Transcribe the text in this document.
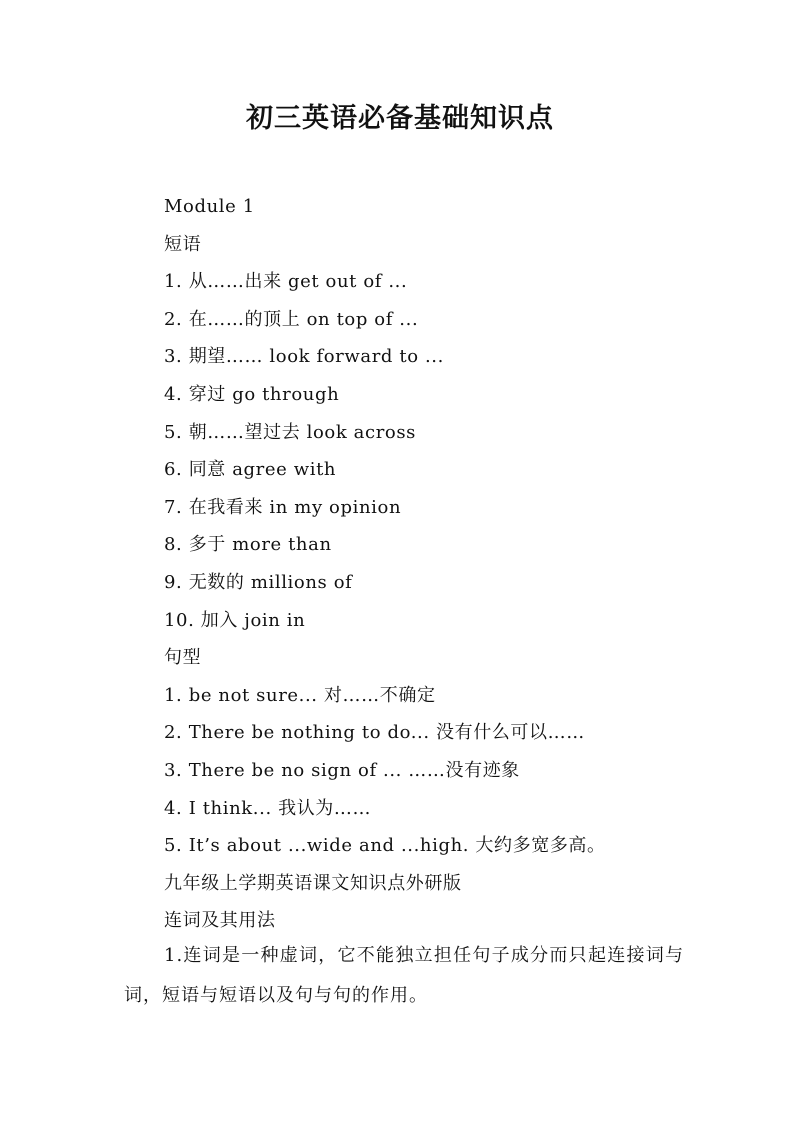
初三英语必备基础知识点
Module 1
短语
1. 从……出来 get out of ...
2. 在……的顶上 on top of ...
3. 期望…… look forward to ...
4. 穿过 go through
5. 朝……望过去 look across
6. 同意 agree with
7. 在我看来 in my opinion
8. 多于 more than
9. 无数的 millions of
10. 加入 join in
句型
1. be not sure... 对……不确定
2. There be nothing to do... 没有什么可以……
3. There be no sign of ... ……没有迹象
4. I think... 我认为……
5. It’s about ...wide and ...high. 大约多宽多高。
九年级上学期英语课文知识点外研版
连词及其用法
1.连词是一种虚词，它不能独立担任句子成分而只起连接词与词，短语与短语以及句与句的作用。
